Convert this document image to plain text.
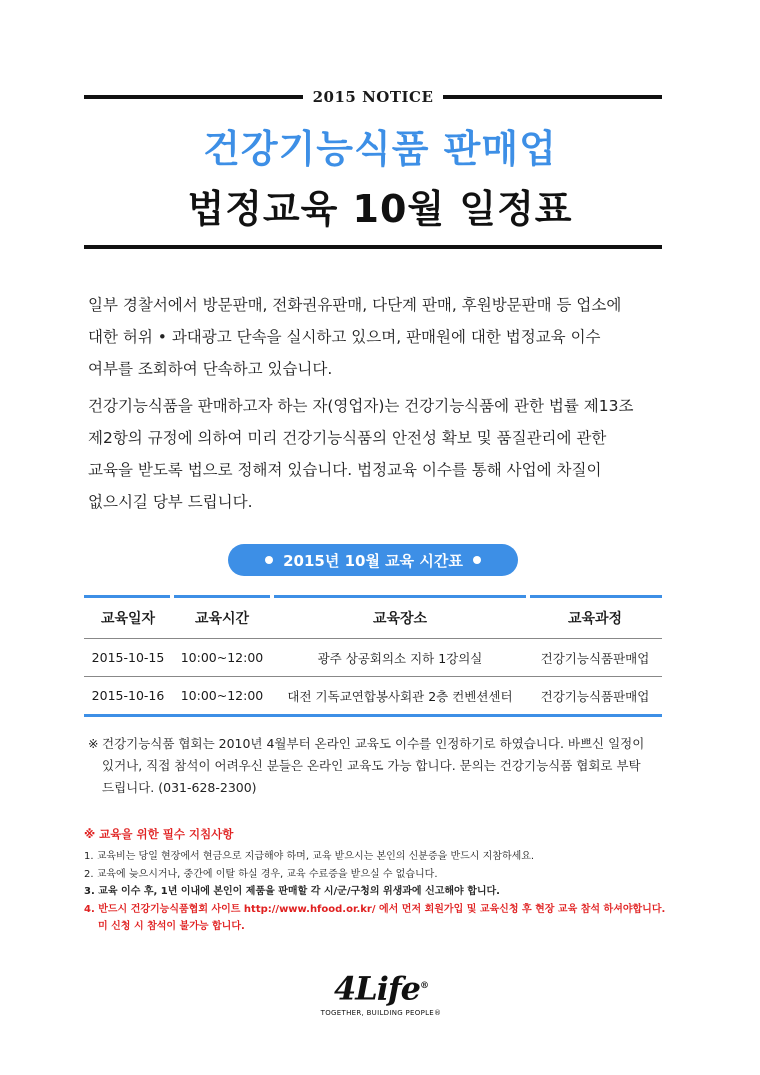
2015 NOTICE
건강기능식품 판매업
법정교육 10월 일정표

일부 경찰서에서 방문판매, 전화권유판매, 다단계 판매, 후원방문판매 등 업소에
대한 허위 • 과대광고 단속을 실시하고 있으며, 판매원에 대한 법정교육 이수
여부를 조회하여 단속하고 있습니다.

건강기능식품을 판매하고자 하는 자(영업자)는 건강기능식품에 관한 법률 제13조
제2항의 규정에 의하여 미리 건강기능식품의 안전성 확보 및 품질관리에 관한
교육을 받도록 법으로 정해져 있습니다. 법정교육 이수를 통해 사업에 차질이
없으시길 당부 드립니다.

2015년 10월 교육 시간표
교육일자	교육시간	교육장소	교육과정
2015-10-15	10:00~12:00	광주 상공회의소 지하 1강의실	건강기능식품판매업
2015-10-16	10:00~12:00	대전 기독교연합봉사회관 2층 컨벤션센터	건강기능식품판매업
※ 건강기능식품 협회는 2010년 4월부터 온라인 교육도 이수를 인정하기로 하였습니다. 바쁘신 일정이
있거나, 직접 참석이 어려우신 분들은 온라인 교육도 가능 합니다. 문의는 건강기능식품 협회로 부탁
드립니다. (031-628-2300)
※ 교육을 위한 필수 지침사항
1. 교육비는 당일 현장에서 현금으로 지급해야 하며, 교육 받으시는 본인의 신분증을 반드시 지참하세요.
2. 교육에 늦으시거나, 중간에 이탈 하실 경우, 교육 수료증을 받으실 수 없습니다.
3. 교육 이수 후, 1년 이내에 본인이 제품을 판매할 각 시/군/구청의 위생과에 신고해야 합니다.
4. 반드시 건강기능식품협회 사이트 http://www.hfood.or.kr/ 에서 먼저 회원가입 및 교육신청 후 현장 교육 참석 하셔야합니다.
미 신청 시 참석이 불가능 합니다.
4Life®
TOGETHER, BUILDING PEOPLE®
